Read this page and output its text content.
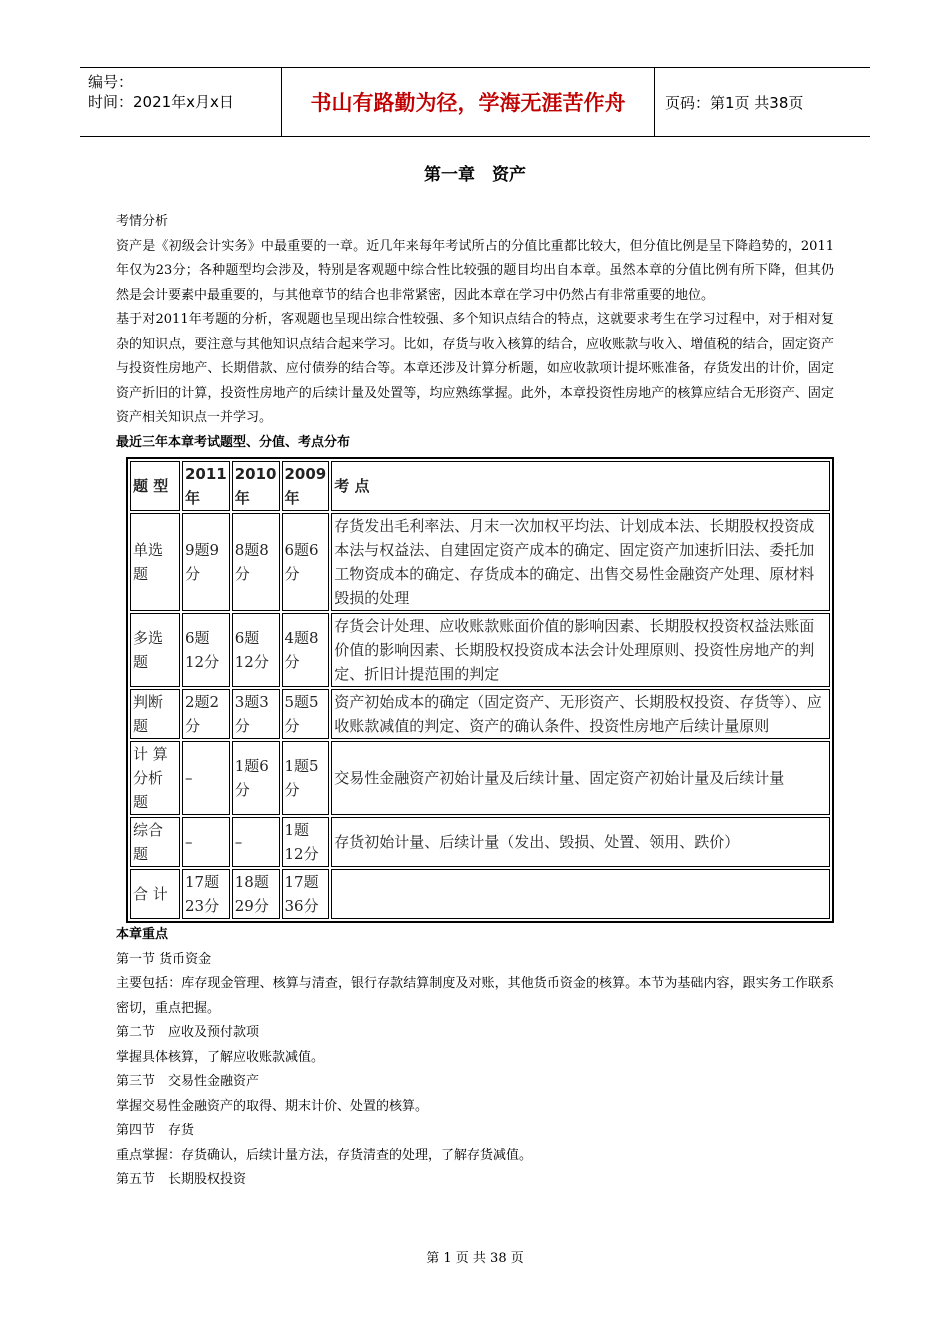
编号：
时间：2021年x月x日	书山有路勤为径，学海无涯苦作舟	页码：第1页 共38页
第一章　资产

考情分析

资产是《初级会计实务》中最重要的一章。近几年来每年考试所占的分值比重都比较大，但分值比例是呈下降趋势的，2011年仅为23分；各种题型均会涉及，特别是客观题中综合性比较强的题目均出自本章。虽然本章的分值比例有所下降，但其仍然是会计要素中最重要的，与其他章节的结合也非常紧密，因此本章在学习中仍然占有非常重要的地位。

基于对2011年考题的分析，客观题也呈现出综合性较强、多个知识点结合的特点，这就要求考生在学习过程中，对于相对复杂的知识点，要注意与其他知识点结合起来学习。比如，存货与收入核算的结合，应收账款与收入、增值税的结合，固定资产与投资性房地产、长期借款、应付债券的结合等。本章还涉及计算分析题，如应收款项计提坏账准备，存货发出的计价，固定资产折旧的计算，投资性房地产的后续计量及处置等，均应熟练掌握。此外，本章投资性房地产的核算应结合无形资产、固定资产相关知识点一并学习。

最近三年本章考试题型、分值、考点分布

题 型	2011年	2010年	2009年	考 点
单选题	9题9分	8题8分	6题6分	存货发出毛利率法、月末一次加权平均法、计划成本法、长期股权投资成本法与权益法、自建固定资产成本的确定、固定资产加速折旧法、委托加工物资成本的确定、存货成本的确定、出售交易性金融资产处理、原材料毁损的处理
多选题	6题12分	6题12分	4题8分	存货会计处理、应收账款账面价值的影响因素、长期股权投资权益法账面价值的影响因素、长期股权投资成本法会计处理原则、投资性房地产的判定、折旧计提范围的判定
判断题	2题2分	3题3分	5题5分	资产初始成本的确定（固定资产、无形资产、长期股权投资、存货等）、应收账款减值的判定、资产的确认条件、投资性房地产后续计量原则
计 算分析题	–	1题6分	1题5分	交易性金融资产初始计量及后续计量、固定资产初始计量及后续计量
综合题	–	–	1题12分	存货初始计量、后续计量（发出、毁损、处置、领用、跌价）
合 计	17题23分	18题29分	17题36分	

本章重点

第一节 货币资金

主要包括：库存现金管理、核算与清查，银行存款结算制度及对账，其他货币资金的核算。本节为基础内容，跟实务工作联系密切，重点把握。

第二节　应收及预付款项

掌握具体核算，了解应收账款减值。

第三节　交易性金融资产

掌握交易性金融资产的取得、期末计价、处置的核算。

第四节　存货

重点掌握：存货确认，后续计量方法，存货清查的处理，了解存货减值。

第五节　长期股权投资

第 1 页 共 38 页
